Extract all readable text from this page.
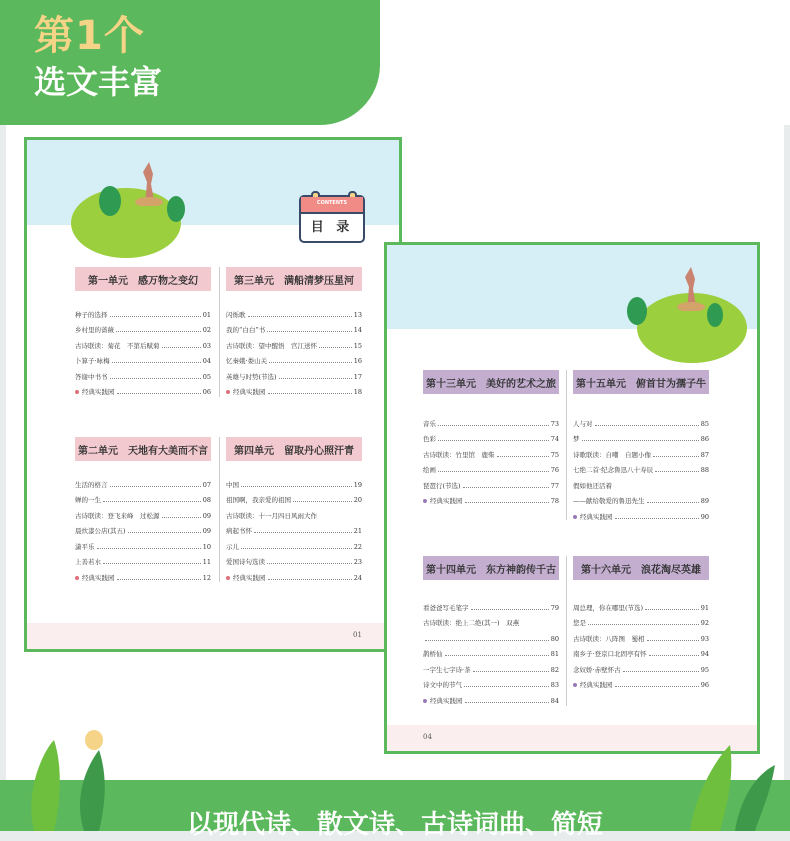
第1个
选文丰富
CONTENTS
目 录
第一单元　感万物之变幻	第三单元　满船清梦压星河
种子的选择	01
乡村里的蔷薇	02
古诗联读：菊花　不第后赋菊	03
卜算子·咏梅	04
答谢中书书	05
经典实践园	06
闪烁歌	13
我的“白白”书	14
古诗联读：望中醒悟　宫江送怀	15
忆秦娥·娄山关	16
英雄与时势(节选)	17
经典实践园	18
第二单元　天地有大美而不言	第四单元　留取丹心照汗青
生活的格言	07
蝉的一生	08
古诗联读：登飞来峰　过松源	09
晨炊漆公店(其五)	09
潇平乐	10
上善若水	11
经典实践园	12
中国	19
祖国啊，我亲爱的祖国	20
古诗联读：十一月四日风雨大作
病起书怀	21
示儿	22
爱国诗句选读	23
经典实践园	24
01
第十三单元　美好的艺术之旅	第十五单元　俯首甘为孺子牛
音乐	73
色彩	74
古诗联读：竹里馆　鹿柴	75
绘画	76
琵琶行(节选)	77
经典实践园	78
人与对	85
梦	86
诗歌联读：自嘲　自题小像	87
七绝二首·纪念鲁迅八十寿辰	88
假如他还活着
——献给敬爱的鲁迅先生	89
经典实践园	90
第十四单元　东方神韵传千古	第十六单元　浪花淘尽英雄
看爸爸写毛笔字	79
古诗联读：绝上二绝(其一)　双燕
80
鹊桥仙	81
一字生七字诗·茶	82
诗文中的节气	83
经典实践园	84
周总理，你在哪里(节选)	91
您是	92
古诗联读：八阵图　蜀相	93
南乡子·登京口北固亭有怀	94
念奴娇·赤壁怀古	95
经典实践园	96
04
以现代诗、散文诗、古诗词曲、简短
